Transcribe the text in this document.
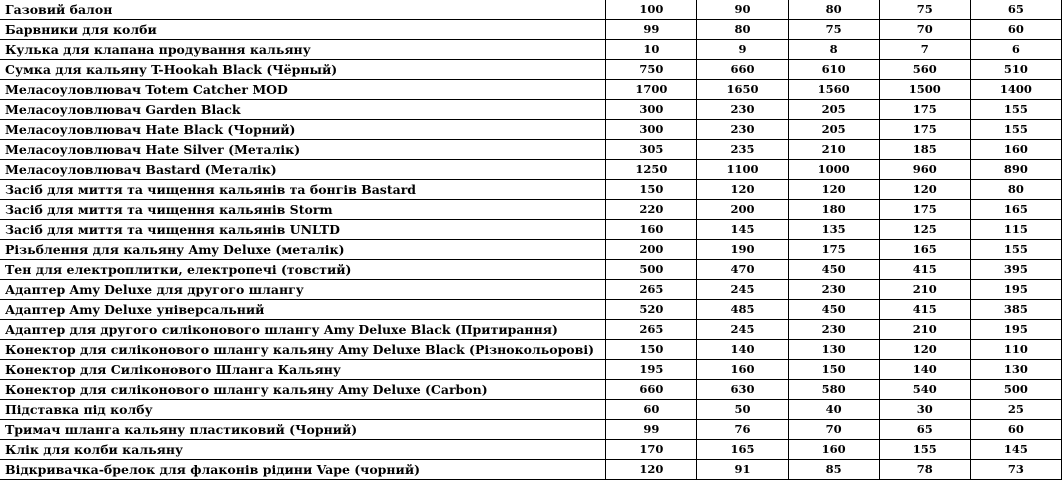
Газовий балон	100	90	80	75	65
Барвники для колби	99	80	75	70	60
Кулька для клапана продування кальяну	10	9	8	7	6
Сумка для кальяну T-Hookah Black (Чёрный)	750	660	610	560	510
Меласоуловлювач Totem Catcher MOD	1700	1650	1560	1500	1400
Меласоуловлювач Garden Black	300	230	205	175	155
Меласоуловлювач Hate Black (Чорний)	300	230	205	175	155
Меласоуловлювач Hate Silver (Металік)	305	235	210	185	160
Меласоуловлювач Bastard (Металік)	1250	1100	1000	960	890
Засіб для миття та чищення кальянів та бонгів Bastard	150	120	120	120	80
Засіб для миття та чищення кальянів Storm	220	200	180	175	165
Засіб для миття та чищення кальянів UNLTD	160	145	135	125	115
Різьблення для кальяну Amy Deluxe (металік)	200	190	175	165	155
Тен для електроплитки, електропечі (товстий)	500	470	450	415	395
Адаптер Amy Deluxe для другого шлангу	265	245	230	210	195
Адаптер Amy Deluxe універсальний	520	485	450	415	385
Адаптер для другого силіконового шлангу Amy Deluxe Black (Притирання)	265	245	230	210	195
Конектор для силіконового шлангу кальяну Amy Deluxe Black (Різнокольорові)	150	140	130	120	110
Конектор для Силіконового Шланга Кальяну	195	160	150	140	130
Конектор для силіконового шлангу кальяну Amy Deluxe (Carbon)	660	630	580	540	500
Підставка під колбу	60	50	40	30	25
Тримач шланга кальяну пластиковий (Чорний)	99	76	70	65	60
Клік для колби кальяну	170	165	160	155	145
Відкривачка-брелок для флаконів рідини Vape (чорний)	120	91	85	78	73
